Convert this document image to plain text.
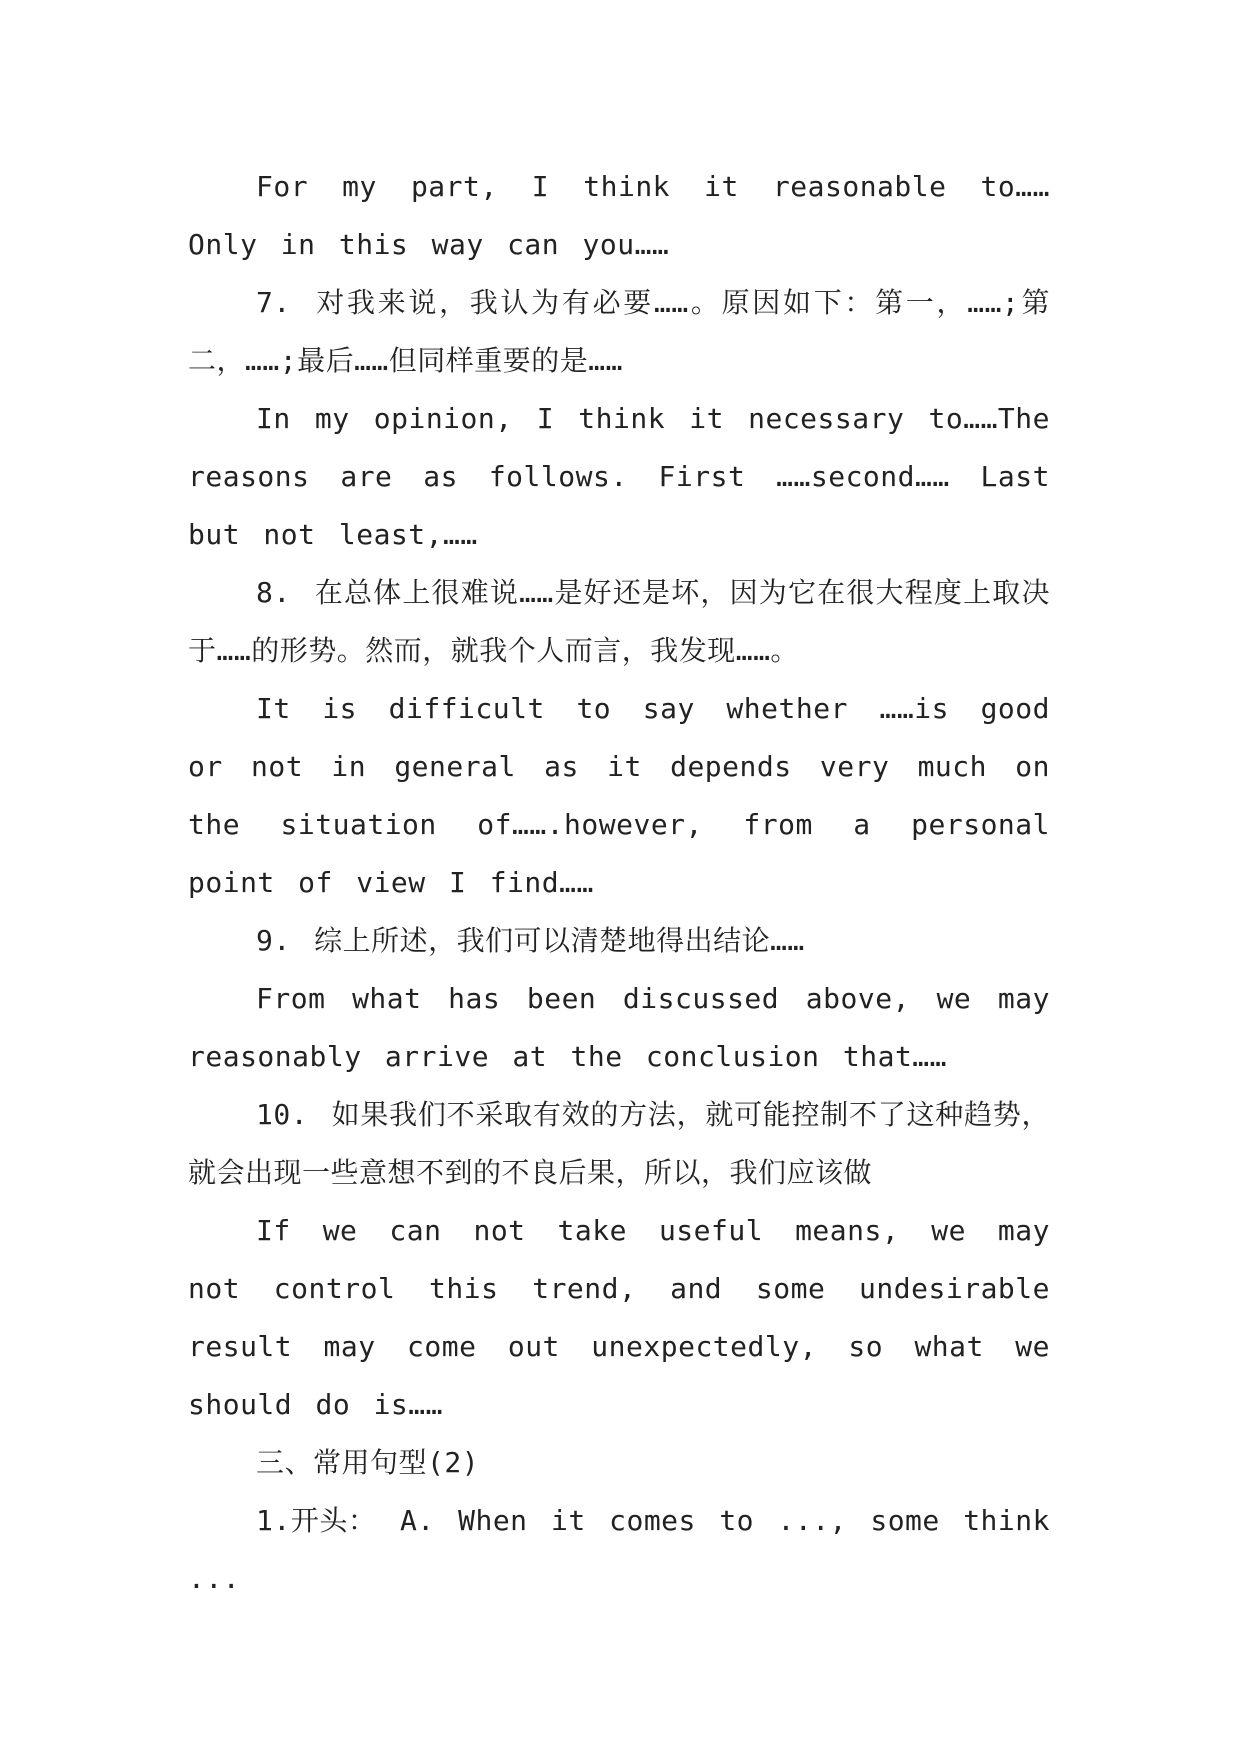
For my part, I think it reasonable to…… Only in this way can you……

7. 对我来说，我认为有必要……。原因如下：第一，……;第二，……;最后……但同样重要的是……

In my opinion, I think it necessary to……The reasons are as follows. First ……second…… Last but not least,……

8. 在总体上很难说……是好还是坏，因为它在很大程度上取决于……的形势。然而，就我个人而言，我发现……。

It is difficult to say whether ……is good or not in general as it depends very much on the situation of…….however, from a personal point of view I find……

9. 综上所述，我们可以清楚地得出结论……

From what has been discussed above, we may reasonably arrive at the conclusion that……

10. 如果我们不采取有效的方法，就可能控制不了这种趋势，就会出现一些意想不到的不良后果，所以，我们应该做

If we can not take useful means, we may not control this trend, and some undesirable result may come out unexpectedly, so what we should do is……

三、常用句型(2)

1.开头： A. When it comes to ..., some think ...
